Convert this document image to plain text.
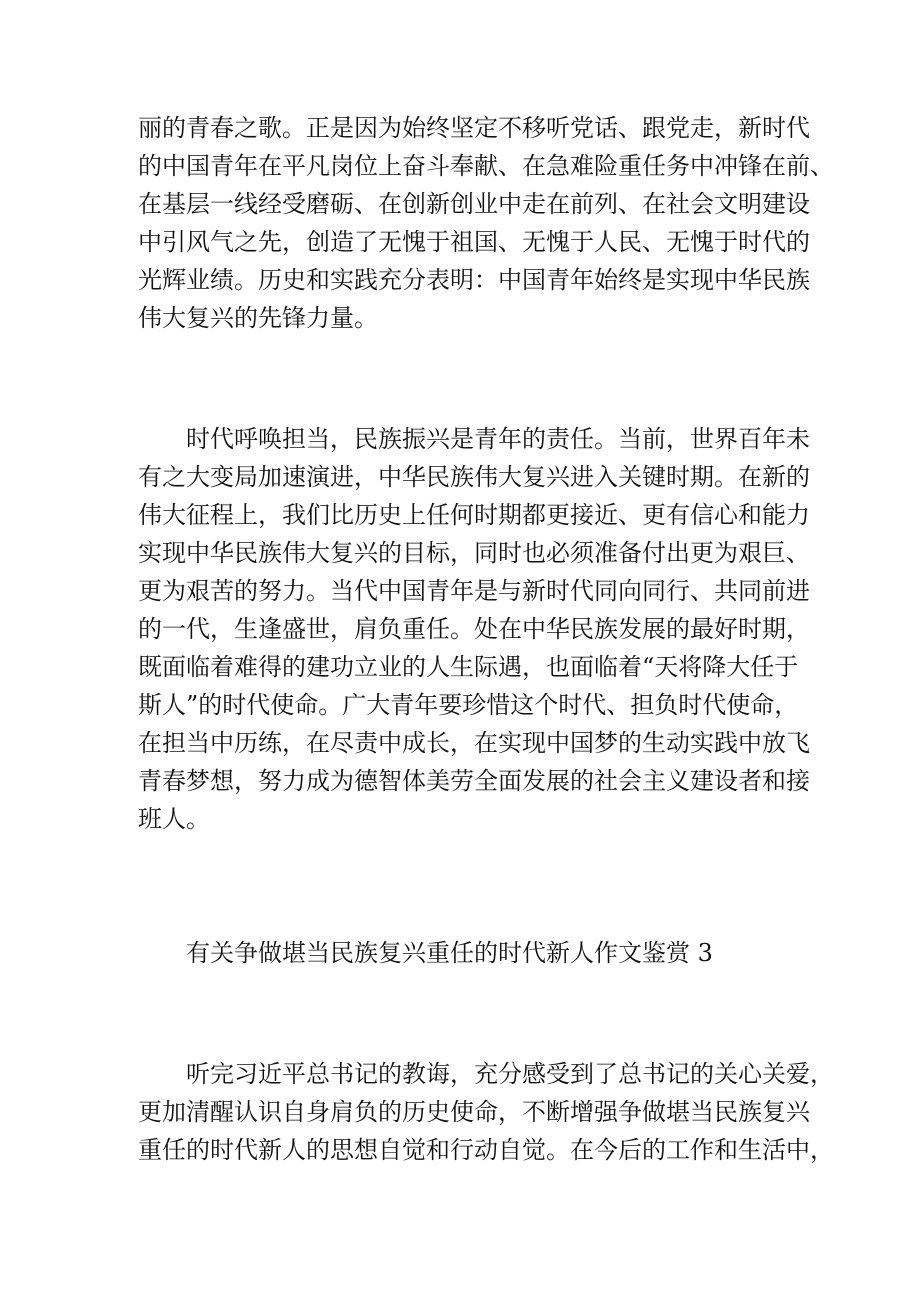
丽的青春之歌。正是因为始终坚定不移听党话、跟党走，新时代
的中国青年在平凡岗位上奋斗奉献、在急难险重任务中冲锋在前、
在基层一线经受磨砺、在创新创业中走在前列、在社会文明建设
中引风气之先，创造了无愧于祖国、无愧于人民、无愧于时代的
光辉业绩。历史和实践充分表明：中国青年始终是实现中华民族
伟大复兴的先锋力量。
时代呼唤担当，民族振兴是青年的责任。当前，世界百年未
有之大变局加速演进，中华民族伟大复兴进入关键时期。在新的
伟大征程上，我们比历史上任何时期都更接近、更有信心和能力
实现中华民族伟大复兴的目标，同时也必须准备付出更为艰巨、
更为艰苦的努力。当代中国青年是与新时代同向同行、共同前进
的一代，生逢盛世，肩负重任。处在中华民族发展的最好时期，
既面临着难得的建功立业的人生际遇，也面临着“天将降大任于
斯人”的时代使命。广大青年要珍惜这个时代、担负时代使命，
在担当中历练，在尽责中成长，在实现中国梦的生动实践中放飞
青春梦想，努力成为德智体美劳全面发展的社会主义建设者和接
班人。
有关争做堪当民族复兴重任的时代新人作文鉴赏 3
听完习近平总书记的教诲，充分感受到了总书记的关心关爱，
更加清醒认识自身肩负的历史使命，不断增强争做堪当民族复兴
重任的时代新人的思想自觉和行动自觉。在今后的工作和生活中，
